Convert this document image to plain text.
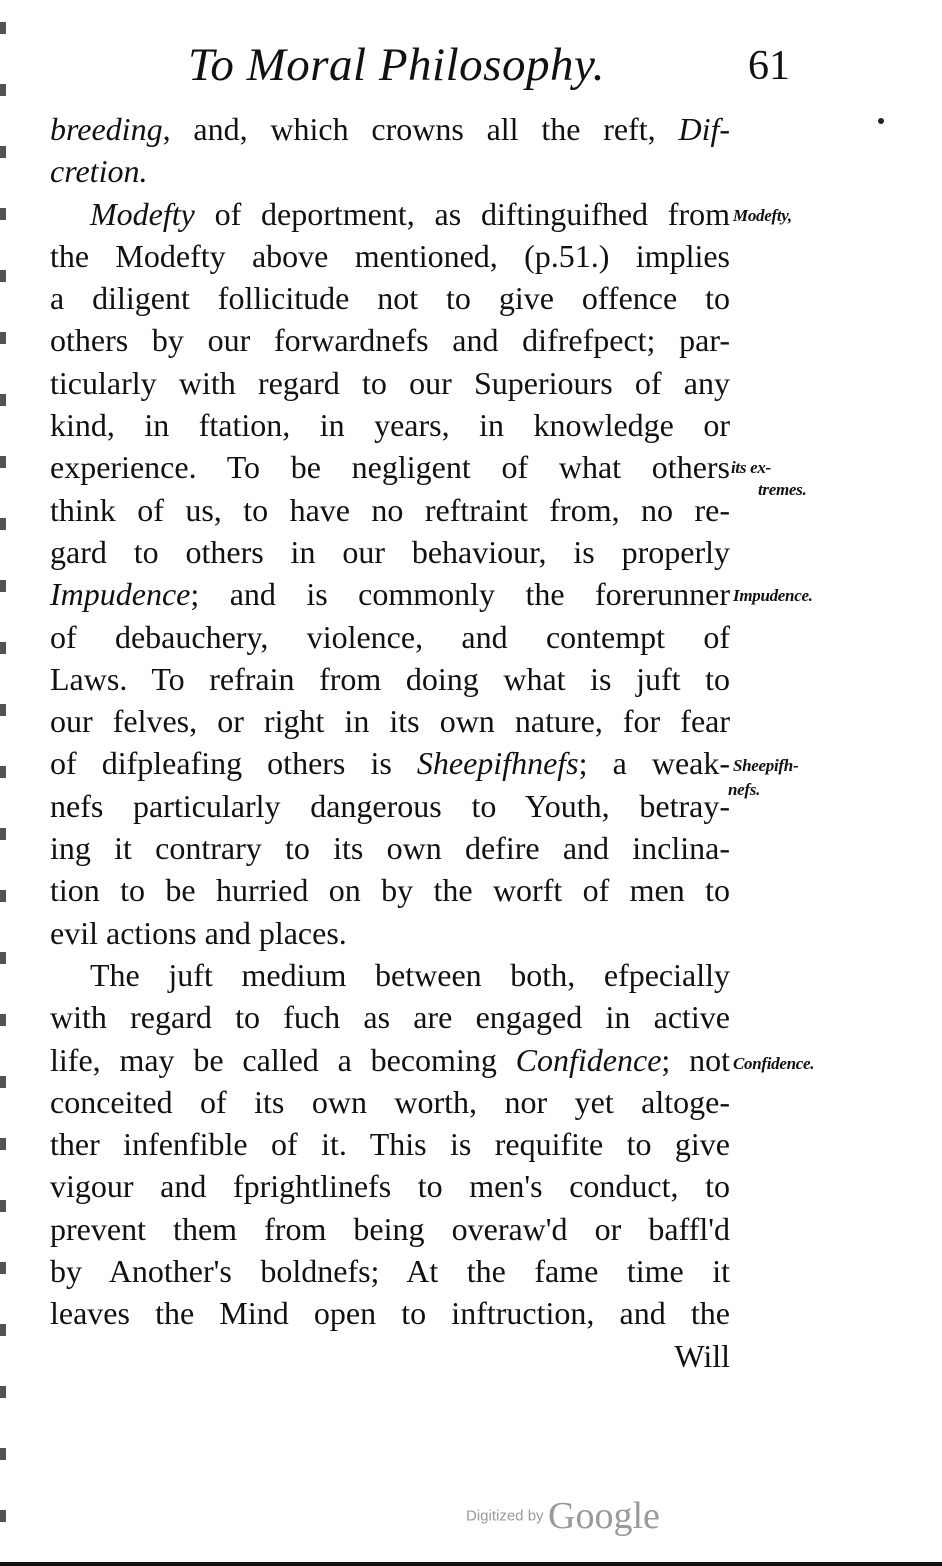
To Moral Philosophy.	61
breeding, and, which crowns all the reft, Dif-
cretion.
Modefty of deportment, as diftinguifhed from
the Modefty above mentioned, (p.51.) implies
a diligent follicitude not to give offence to
others by our forwardnefs and difrefpect; par-
ticularly with regard to our Superiours of any
kind, in ftation, in years, in knowledge or
experience. To be negligent of what others
think of us, to have no reftraint from, no re-
gard to others in our behaviour, is properly
Impudence; and is commonly the forerunner
of debauchery, violence, and contempt of
Laws. To refrain from doing what is juft to
our felves, or right in its own nature, for fear
of difpleafing others is Sheepifhnefs; a weak-
nefs particularly dangerous to Youth, betray-
ing it contrary to its own defire and inclina-
tion to be hurried on by the worft of men to
evil actions and places.
The juft medium between both, efpecially
with regard to fuch as are engaged in active
life, may be called a becoming Confidence; not
conceited of its own worth, nor yet altoge-
ther infenfible of it. This is requifite to give
vigour and fprightlinefs to men's conduct, to
prevent them from being overaw'd or baffl'd
by Another's boldnefs; At the fame time it
leaves the Mind open to inftruction, and the
Will
Modefty,
its ex-
tremes.
Impudence.
Sheepifh-
nefs.
Confidence.
Digitized by Google
